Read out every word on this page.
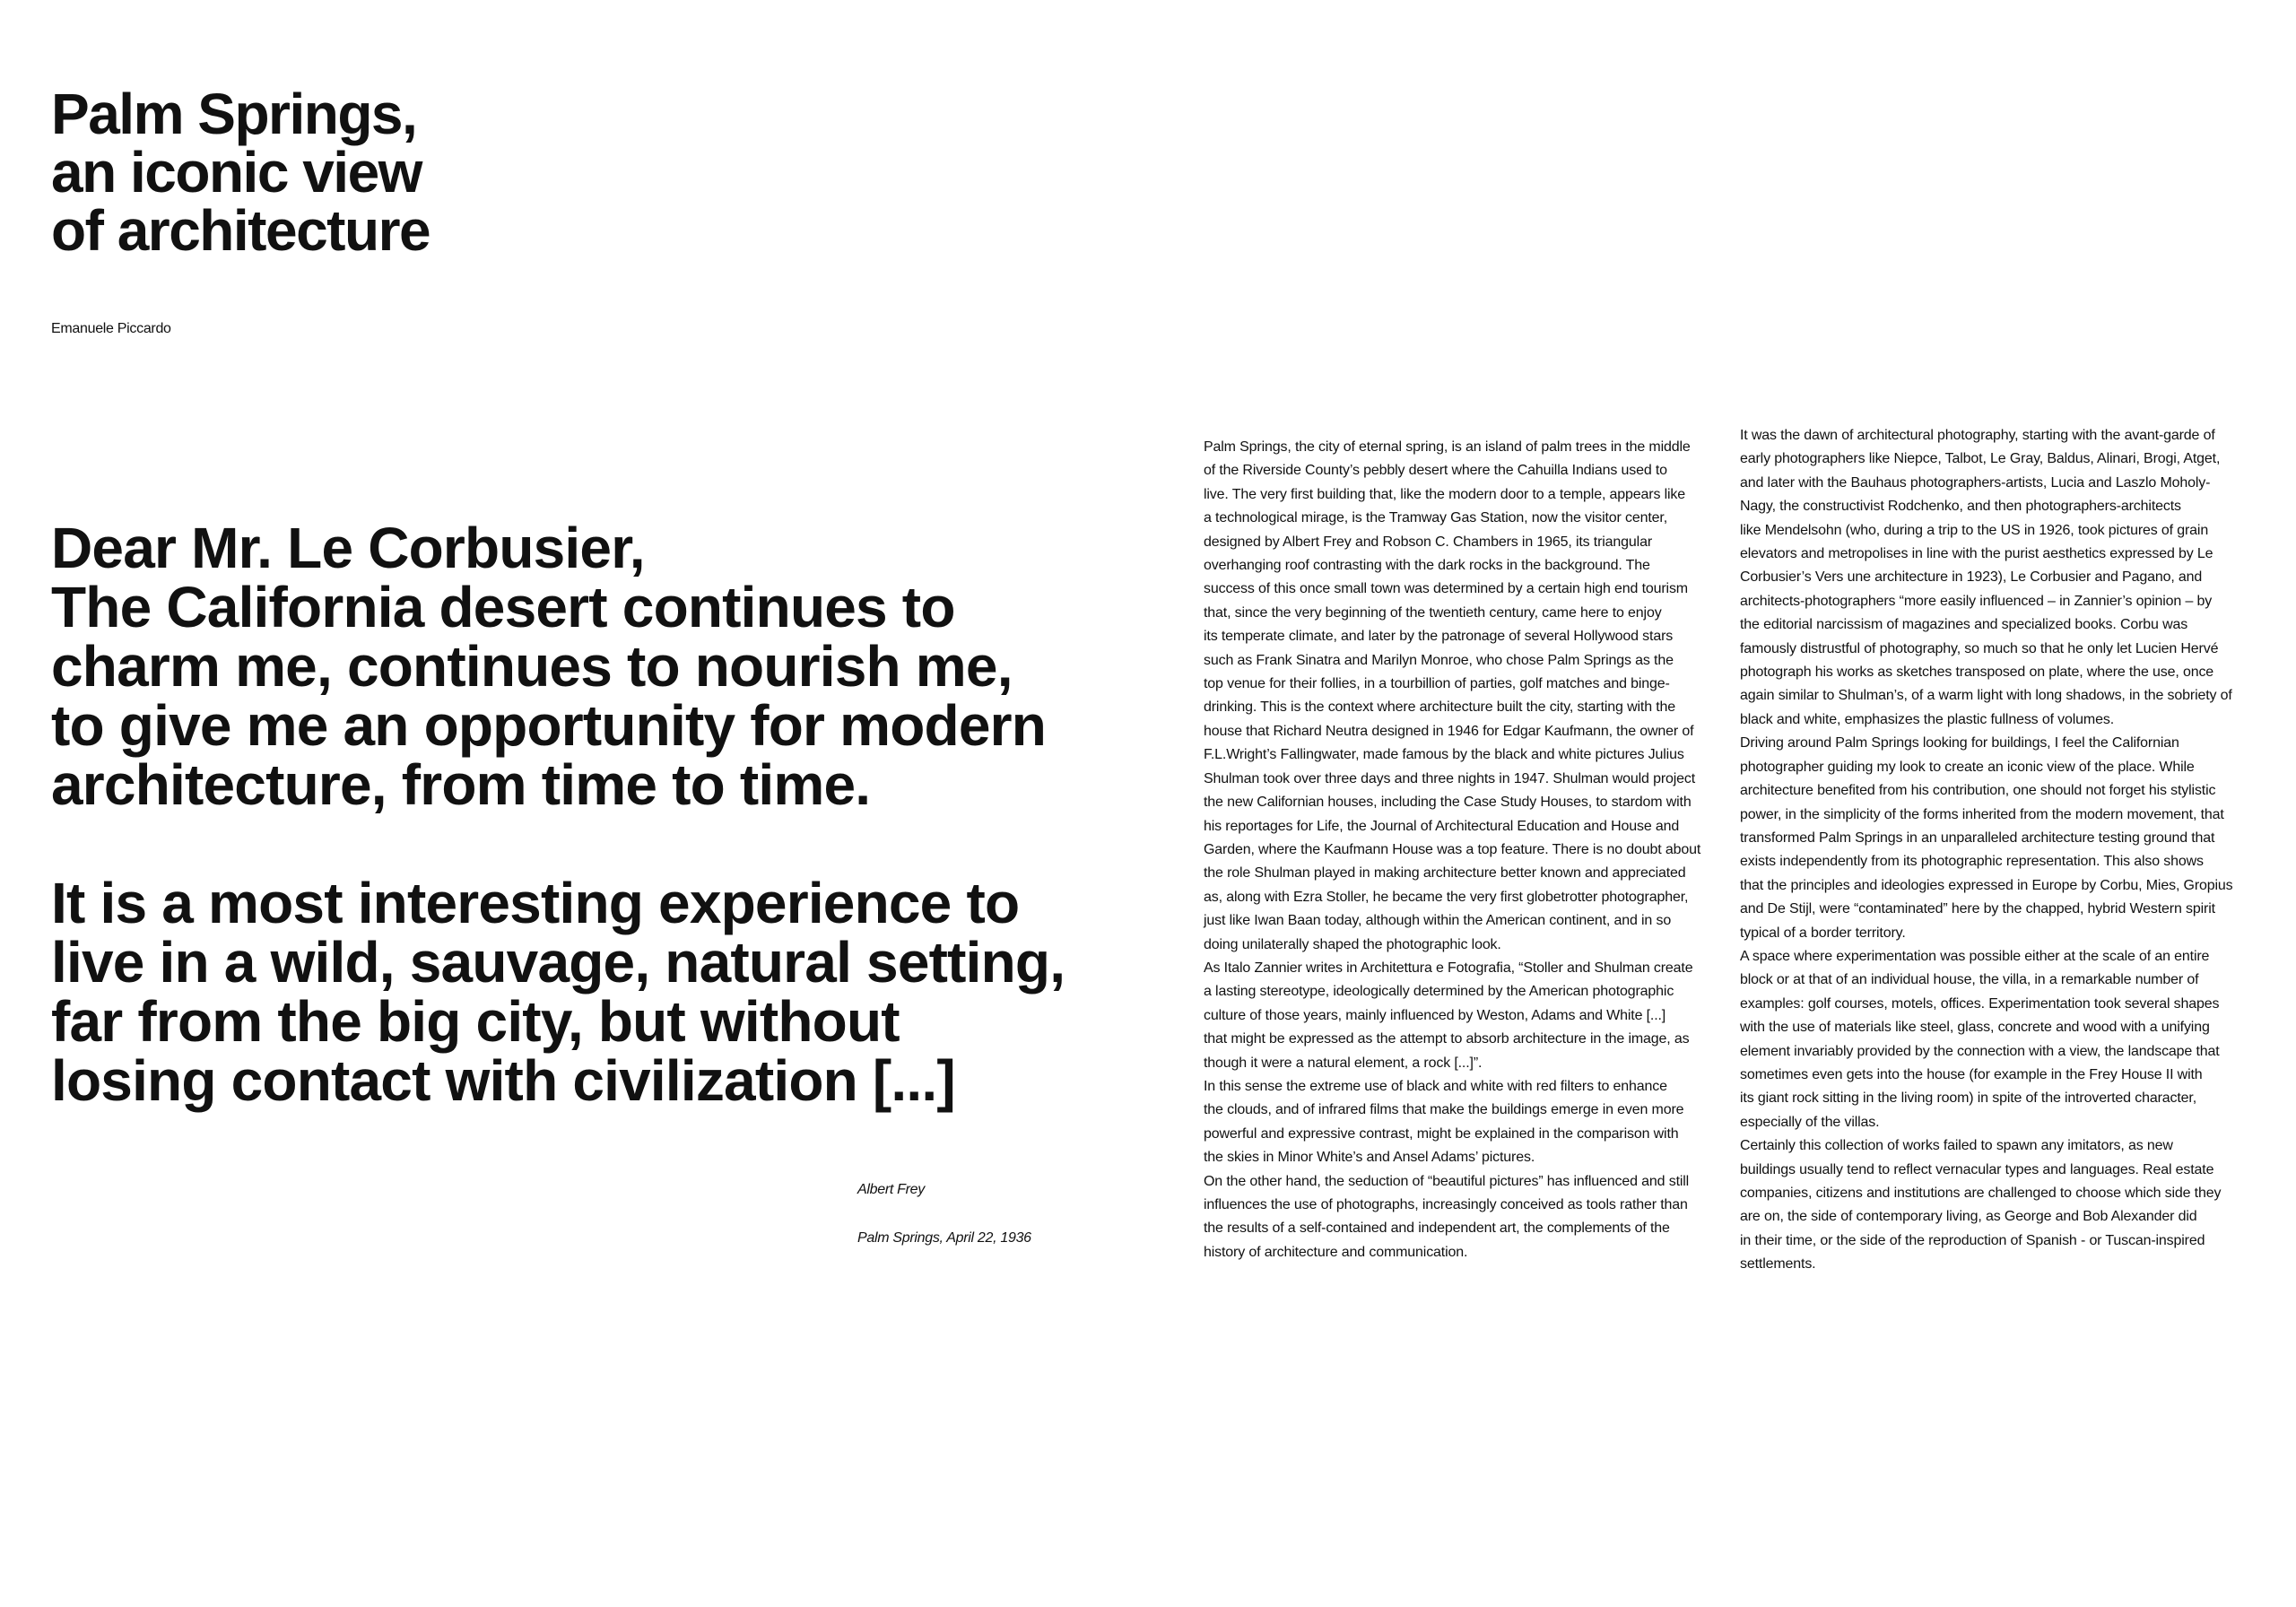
Palm Springs,
an iconic view
of architecture
Emanuele Piccardo
Dear Mr. Le Corbusier,
The California desert continues to
charm me, continues to nourish me,
to give me an opportunity for modern
architecture, from time to time.
It is a most interesting experience to
live in a wild, sauvage, natural setting,
far from the big city, but without
losing contact with civilization [...]
Albert Frey
Palm Springs, April 22, 1936
Palm Springs, the city of eternal spring, is an island of palm trees in the middle
of the Riverside County’s pebbly desert where the Cahuilla Indians used to
live. The very first building that, like the modern door to a temple, appears like
a technological mirage, is the Tramway Gas Station, now the visitor center,
designed by Albert Frey and Robson C. Chambers in 1965, its triangular
overhanging roof contrasting with the dark rocks in the background. The
success of this once small town was determined by a certain high end tourism
that, since the very beginning of the twentieth century, came here to enjoy
its temperate climate, and later by the patronage of several Hollywood stars
such as Frank Sinatra and Marilyn Monroe, who chose Palm Springs as the
top venue for their follies, in a tourbillion of parties, golf matches and binge-
drinking. This is the context where architecture built the city, starting with the
house that Richard Neutra designed in 1946 for Edgar Kaufmann, the owner of
F.L.Wright’s Fallingwater, made famous by the black and white pictures Julius
Shulman took over three days and three nights in 1947. Shulman would project
the new Californian houses, including the Case Study Houses, to stardom with
his reportages for Life, the Journal of Architectural Education and House and
Garden, where the Kaufmann House was a top feature. There is no doubt about
the role Shulman played in making architecture better known and appreciated
as, along with Ezra Stoller, he became the very first globetrotter photographer,
just like Iwan Baan today, although within the American continent, and in so
doing unilaterally shaped the photographic look.
As Italo Zannier writes in Architettura e Fotografia, “Stoller and Shulman create
a lasting stereotype, ideologically determined by the American photographic
culture of those years, mainly influenced by Weston, Adams and White [...]
that might be expressed as the attempt to absorb architecture in the image, as
though it were a natural element, a rock [...]”.
In this sense the extreme use of black and white with red filters to enhance
the clouds, and of infrared films that make the buildings emerge in even more
powerful and expressive contrast, might be explained in the comparison with
the skies in Minor White’s and Ansel Adams’ pictures.
On the other hand, the seduction of “beautiful pictures” has influenced and still
influences the use of photographs, increasingly conceived as tools rather than
the results of a self-contained and independent art, the complements of the
history of architecture and communication.
It was the dawn of architectural photography, starting with the avant-garde of
early photographers like Niepce, Talbot, Le Gray, Baldus, Alinari, Brogi, Atget,
and later with the Bauhaus photographers-artists, Lucia and Laszlo Moholy-
Nagy, the constructivist Rodchenko, and then photographers-architects
like Mendelsohn (who, during a trip to the US in 1926, took pictures of grain
elevators and metropolises in line with the purist aesthetics expressed by Le
Corbusier’s Vers une architecture in 1923), Le Corbusier and Pagano, and
architects-photographers “more easily influenced – in Zannier’s opinion – by
the editorial narcissism of magazines and specialized books. Corbu was
famously distrustful of photography, so much so that he only let Lucien Hervé
photograph his works as sketches transposed on plate, where the use, once
again similar to Shulman’s, of a warm light with long shadows, in the sobriety of
black and white, emphasizes the plastic fullness of volumes.
Driving around Palm Springs looking for buildings, I feel the Californian
photographer guiding my look to create an iconic view of the place. While
architecture benefited from his contribution, one should not forget his stylistic
power, in the simplicity of the forms inherited from the modern movement, that
transformed Palm Springs in an unparalleled architecture testing ground that
exists independently from its photographic representation. This also shows
that the principles and ideologies expressed in Europe by Corbu, Mies, Gropius
and De Stijl, were “contaminated” here by the chapped, hybrid Western spirit
typical of a border territory.
A space where experimentation was possible either at the scale of an entire
block or at that of an individual house, the villa, in a remarkable number of
examples: golf courses, motels, offices. Experimentation took several shapes
with the use of materials like steel, glass, concrete and wood with a unifying
element invariably provided by the connection with a view, the landscape that
sometimes even gets into the house (for example in the Frey House II with
its giant rock sitting in the living room) in spite of the introverted character,
especially of the villas.
Certainly this collection of works failed to spawn any imitators, as new
buildings usually tend to reflect vernacular types and languages. Real estate
companies, citizens and institutions are challenged to choose which side they
are on, the side of contemporary living, as George and Bob Alexander did
in their time, or the side of the reproduction of Spanish - or Tuscan-inspired
settlements.
